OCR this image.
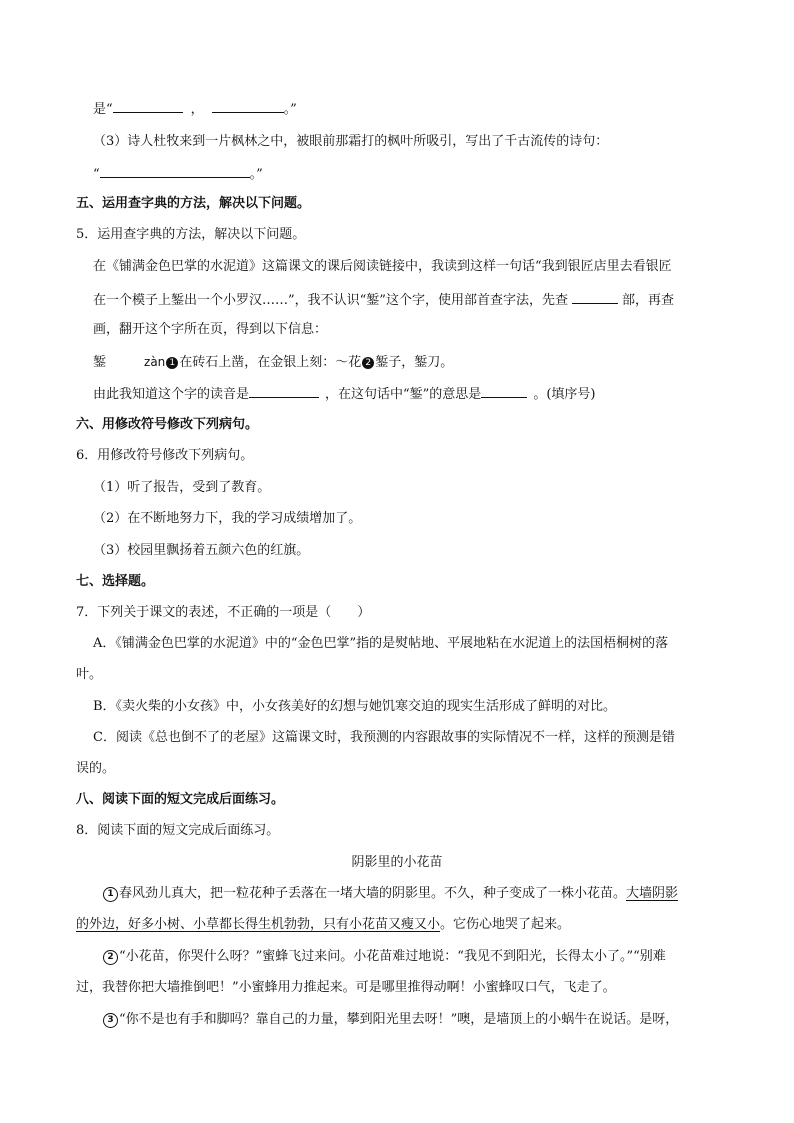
是“	，	。”
（3）诗人杜牧来到一片枫林之中，被眼前那霜打的枫叶所吸引，写出了千古流传的诗句：
“	。”
五、运用查字典的方法，解决以下问题。
5．运用查字典的方法，解决以下问题。
在《铺满金色巴掌的水泥道》这篇课文的课后阅读链接中，我读到这样一句话“我到银匠店里去看银匠
在一个模子上錾出一个小罗汉……”，我不认识“錾”这个字，使用部首查字法，先查	部，再查
画，翻开这个字所在页，得到以下信息：
錾	zàn 1 在砖石上凿，在金银上刻：～花 2 錾子，錾刀。
由此我知道这个字的读音是	，在这句话中“錾”的意思是	。(填序号)
六、用修改符号修改下列病句。
6．用修改符号修改下列病句。
（1）听了报告，受到了教育。
（2）在不断地努力下，我的学习成绩增加了。
（3）校园里飘扬着五颜六色的红旗。
七、选择题。
7．下列关于课文的表述，不正确的一项是（　　）
A．《铺满金色巴掌的水泥道》中的“金色巴掌”指的是熨帖地、平展地粘在水泥道上的法国梧桐树的落
叶。
B．《卖火柴的小女孩》中，小女孩美好的幻想与她饥寒交迫的现实生活形成了鲜明的对比。
C．阅读《总也倒不了的老屋》这篇课文时，我预测的内容跟故事的实际情况不一样，这样的预测是错
误的。
八、阅读下面的短文完成后面练习。
8．阅读下面的短文完成后面练习。
阴影里的小花苗
1 春风劲儿真大，把一粒花种子丢落在一堵大墙的阴影里。不久，种子变成了一株小花苗。大墙阴影
的外边，好多小树、小草都长得生机勃勃，只有小花苗又瘦又小。它伤心地哭了起来。
2 “小花苗，你哭什么呀？”蜜蜂飞过来问。小花苗难过地说：“我见不到阳光，长得太小了。”“别难
过，我替你把大墙推倒吧！”小蜜蜂用力推起来。可是哪里推得动啊！小蜜蜂叹口气，飞走了。
3 “你不是也有手和脚吗？靠自己的力量，攀到阳光里去呀！”噢，是墙顶上的小蜗牛在说话。是呀，
